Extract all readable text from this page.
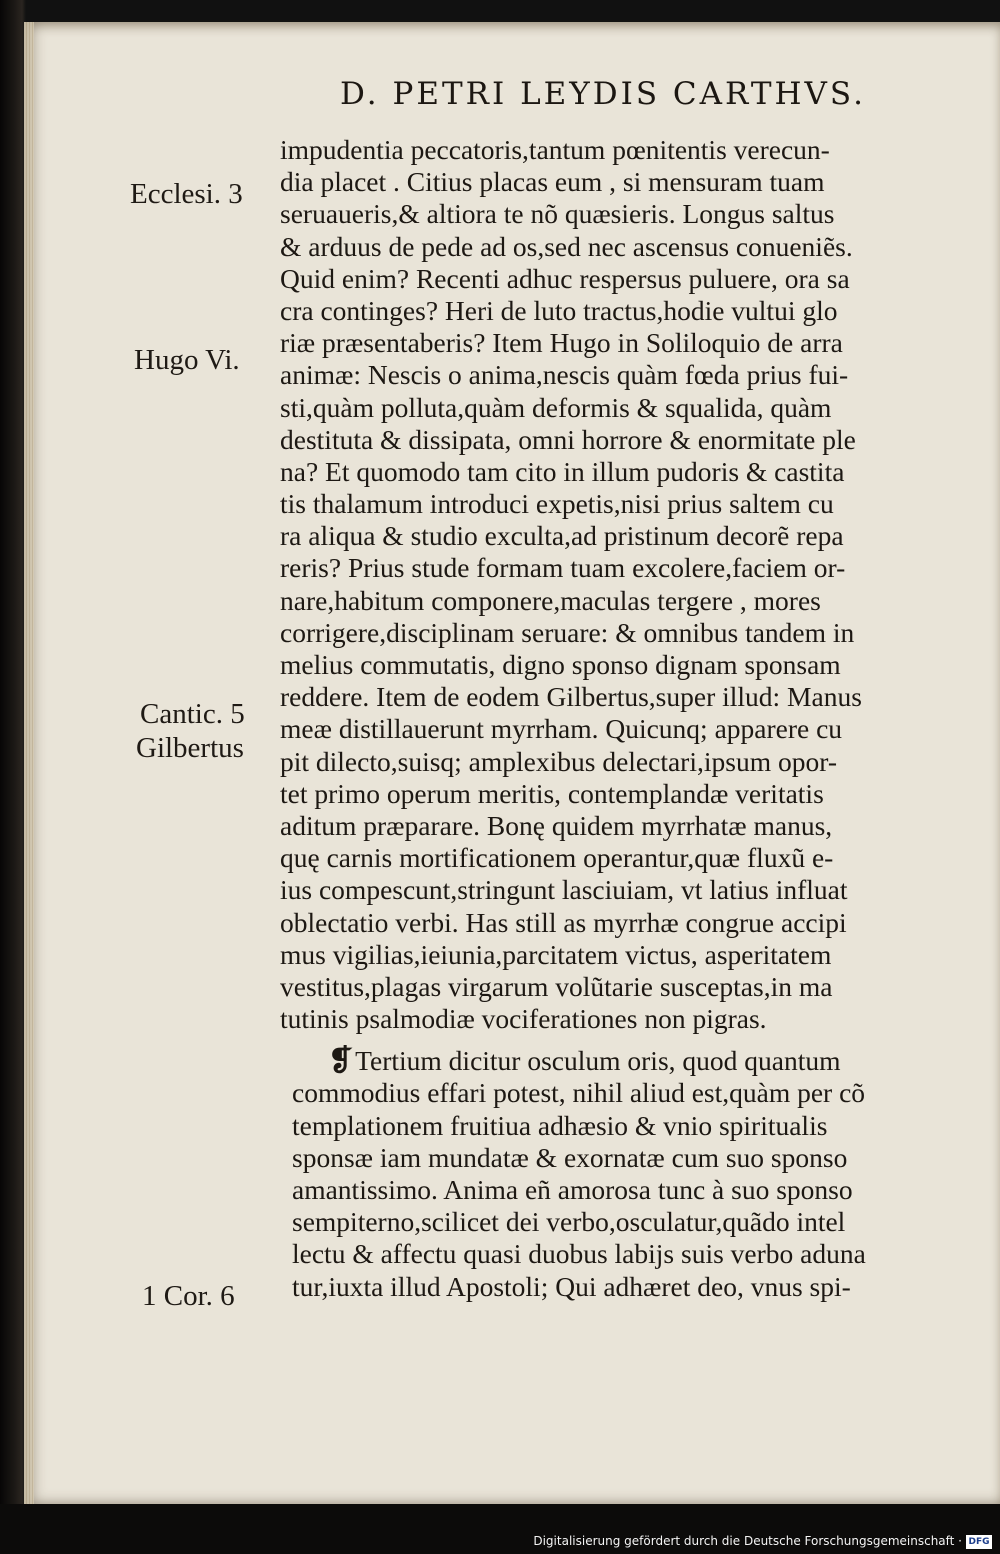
D. PETRI LEYDIS CARTHVS.
impudentia peccatoris,tantum pœnitentis verecun-
dia placet . Citius placas eum , si mensuram tuam
seruaueris,& altiora te nõ quæsieris. Longus saltus
& arduus de pede ad os,sed nec ascensus conueniẽs.
Quid enim? Recenti adhuc respersus puluere, ora sa
cra continges? Heri de luto tractus,hodie vultui glo
riæ præsentaberis? Item Hugo in Soliloquio de arra
animæ: Nescis o anima,nescis quàm fœda prius fui-
sti,quàm polluta,quàm deformis & squalida, quàm
destituta & dissipata, omni horrore & enormitate ple
na? Et quomodo tam cito in illum pudoris & castita
tis thalamum introduci expetis,nisi prius saltem cu
ra aliqua & studio exculta,ad pristinum decorẽ repa
reris? Prius stude formam tuam excolere,faciem or-
nare,habitum componere,maculas tergere , mores
corrigere,disciplinam seruare: & omnibus tandem in
melius commutatis, digno sponso dignam sponsam
reddere. Item de eodem Gilbertus,super illud: Manus
meæ distillauerunt myrrham. Quicunq; apparere cu
pit dilecto,suisq; amplexibus delectari,ipsum opor-
tet primo operum meritis, contemplandæ veritatis
aditum præparare. Bonę quidem myrrhatæ manus,
quę carnis mortificationem operantur,quæ fluxũ e-
ius compescunt,stringunt lasciuiam, vt latius influat
oblectatio verbi. Has still as myrrhæ congrue accipi
mus vigilias,ieiunia,parcitatem victus, asperitatem
vestitus,plagas virgarum volũtarie susceptas,in ma
tutinis psalmodiæ vociferationes non pigras.
❡Tertium dicitur osculum oris, quod quantum
commodius effari potest, nihil aliud est,quàm per cõ
templationem fruitiua adhæsio & vnio spiritualis
sponsæ iam mundatæ & exornatæ cum suo sponso
amantissimo. Anima eñ amorosa tunc à suo sponso
sempiterno,scilicet dei verbo,osculatur,quãdo intel
lectu & affectu quasi duobus labijs suis verbo aduna
tur,iuxta illud Apostoli; Qui adhæret deo, vnus spi-
Ecclesi. 3
Hugo Vi.
Cantic. 5
Gilbertus
1 Cor. 6
Digitalisierung gefördert durch die Deutsche Forschungsgemeinschaft · DFG
